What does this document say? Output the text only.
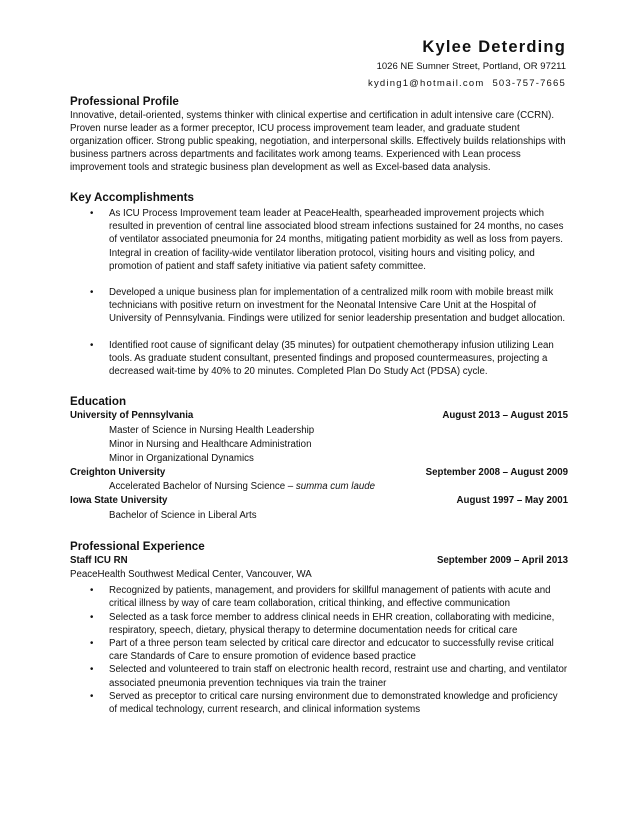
Kylee Deterding
1026 NE Sumner Street, Portland, OR 97211
kyding1@hotmail.com 503-757-7665
Professional Profile

Innovative, detail-oriented, systems thinker with clinical expertise and certification in adult intensive care (CCRN). Proven nurse leader as a former preceptor, ICU process improvement team leader, and graduate student organization officer. Strong public speaking, negotiation, and interpersonal skills. Effectively builds relationships with business partners across departments and facilitates work among teams. Experienced with Lean process improvement tools and strategic business plan development as well as Excel-based data analysis.

Key Accomplishments
• As ICU Process Improvement team leader at PeaceHealth, spearheaded improvement projects which resulted in prevention of central line associated blood stream infections sustained for 24 months, no cases of ventilator associated pneumonia for 24 months, mitigating patient morbidity as well as loss from payers. Integral in creation of facility-wide ventilator liberation protocol, visiting hours and visiting policy, and promotion of patient and staff safety initiative via patient safety committee.
• Developed a unique business plan for implementation of a centralized milk room with mobile breast milk technicians with positive return on investment for the Neonatal Intensive Care Unit at the Hospital of University of Pennsylvania. Findings were utilized for senior leadership presentation and budget allocation.
• Identified root cause of significant delay (35 minutes) for outpatient chemotherapy infusion utilizing Lean tools. As graduate student consultant, presented findings and proposed countermeasures, projecting a decreased wait-time by 40% to 20 minutes. Completed Plan Do Study Act (PDSA) cycle.
Education
University of Pennsylvania	August 2013 – August 2015
Master of Science in Nursing Health Leadership
Minor in Nursing and Healthcare Administration
Minor in Organizational Dynamics
Creighton University	September 2008 – August 2009
Accelerated Bachelor of Nursing Science – summa cum laude
Iowa State University	August 1997 – May 2001
Bachelor of Science in Liberal Arts
Professional Experience
Staff ICU RN	September 2009 – April 2013
PeaceHealth Southwest Medical Center, Vancouver, WA
• Recognized by patients, management, and providers for skillful management of patients with acute and critical illness by way of care team collaboration, critical thinking, and effective communication
• Selected as a task force member to address clinical needs in EHR creation, collaborating with medicine, respiratory, speech, dietary, physical therapy to determine documentation needs for critical care
• Part of a three person team selected by critical care director and edcucator to successfully revise critical care Standards of Care to ensure promotion of evidence based practice
• Selected and volunteered to train staff on electronic health record, restraint use and charting, and ventilator associated pneumonia prevention techniques via train the trainer
• Served as preceptor to critical care nursing environment due to demonstrated knowledge and proficiency of medical technology, current research, and clinical information systems
